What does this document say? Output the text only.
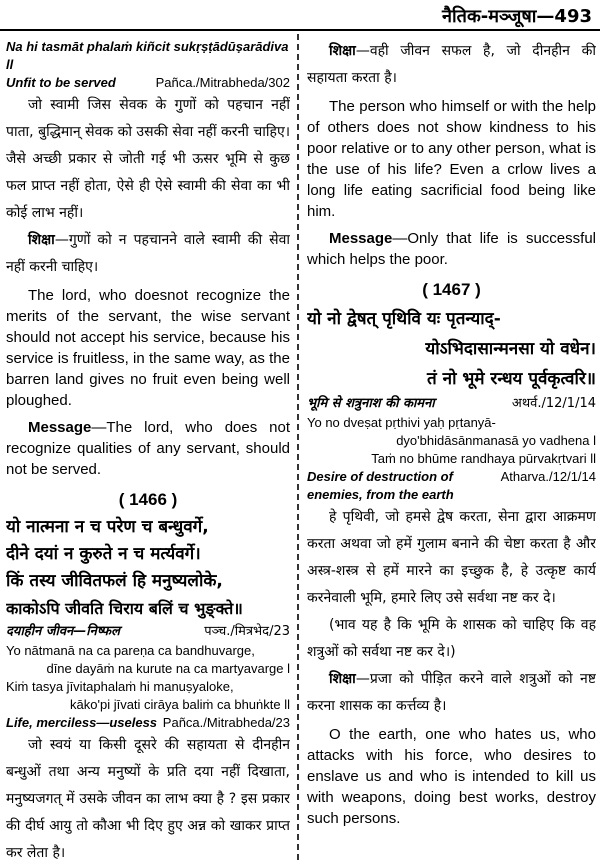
नैतिक-मञ्जूषा—493
Na hi tasmāt phalaṁ kiñcit sukṛṣṭādūṣarādiva ll
Unfit to be served	Pañca./Mitrabheda/302

जो स्वामी जिस सेवक के गुणों को पहचान नहीं पाता, बुद्धिमान् सेवक को उसकी सेवा नहीं करनी चाहिए। जैसे अच्छी प्रकार से जोती गई भी ऊसर भूमि से कुछ फल प्राप्त नहीं होता, ऐसे ही ऐसे स्वामी की सेवा का भी कोई लाभ नहीं।

शिक्षा—गुणों को न पहचानने वाले स्वामी की सेवा नहीं करनी चाहिए।

The lord, who doesnot recognize the merits of the servant, the wise servant should not accept his service, because his service is fruitless, in the same way, as the barren land gives no fruit even being well ploughed.

Message—The lord, who does not recognize qualities of any servant, should not be served.

( 1466 )
यो नात्मना न च परेण च बन्धुवर्गे,
दीने दयां न कुरुते न च मर्त्यवर्गे।
किं तस्य जीवितफलं हि मनुष्यलोके,
काकोऽपि जीवति चिराय बलिं च भुङ्क्ते॥
दयाहीन जीवन—निष्फल	पञ्च./मित्रभेद/23
Yo nātmanā na ca pareṇa ca bandhuvarge,
dīne dayāṁ na kurute na ca martyavarge l
Kiṁ tasya jīvitaphalaṁ hi manuṣyaloke,
kāko'pi jīvati cirāya baliṁ ca bhuṅkte ll
Life, merciless—useless Pañca./Mitrabheda/23

जो स्वयं या किसी दूसरे की सहायता से दीनहीन बन्धुओं तथा अन्य मनुष्यों के प्रति दया नहीं दिखाता, मनुष्यजगत् में उसके जीवन का लाभ क्या है ? इस प्रकार की दीर्घ आयु तो कौआ भी दिए हुए अन्न को खाकर प्राप्त कर लेता है।

शिक्षा—वही जीवन सफल है, जो दीनहीन की सहायता करता है।

The person who himself or with the help of others does not show kindness to his poor relative or to any other person, what is the use of his life? Even a crlow lives a long life eating sacrificial food being like him.

Message—Only that life is successful which helps the poor.

( 1467 )
यो नो द्वेषत् पृथिवि यः पृतन्याद्-
योऽभिदासान्मनसा यो वधेन।
तं नो भूमे रन्धय पूर्वकृत्वरि॥
भूमि से शत्रुनाश की कामना	अथर्व./12/1/14
Yo no dveṣat pṛthivi yaḥ pṛtanyā-
dyo'bhidāsānmanasā yo vadhena l
Taṁ no bhūme randhaya pūrvakṛtvari ll
Desire of destruction of	Atharva./12/1/14
enemies, from the earth

हे पृथिवी, जो हमसे द्वेष करता, सेना द्वारा आक्रमण करता अथवा जो हमें गुलाम बनाने की चेष्टा करता है और अस्त्र-शस्त्र से हमें मारने का इच्छुक है, हे उत्कृष्ट कार्य करनेवाली भूमि, हमारे लिए उसे सर्वथा नष्ट कर दे।

(भाव यह है कि भूमि के शासक को चाहिए कि वह शत्रुओं को सर्वथा नष्ट कर दे।)

शिक्षा—प्रजा को पीड़ित करने वाले शत्रुओं को नष्ट करना शासक का कर्त्तव्य है।

O the earth, one who hates us, who attacks with his force, who desires to enslave us and who is intended to kill us with weapons, doing best works, destroy such persons.
